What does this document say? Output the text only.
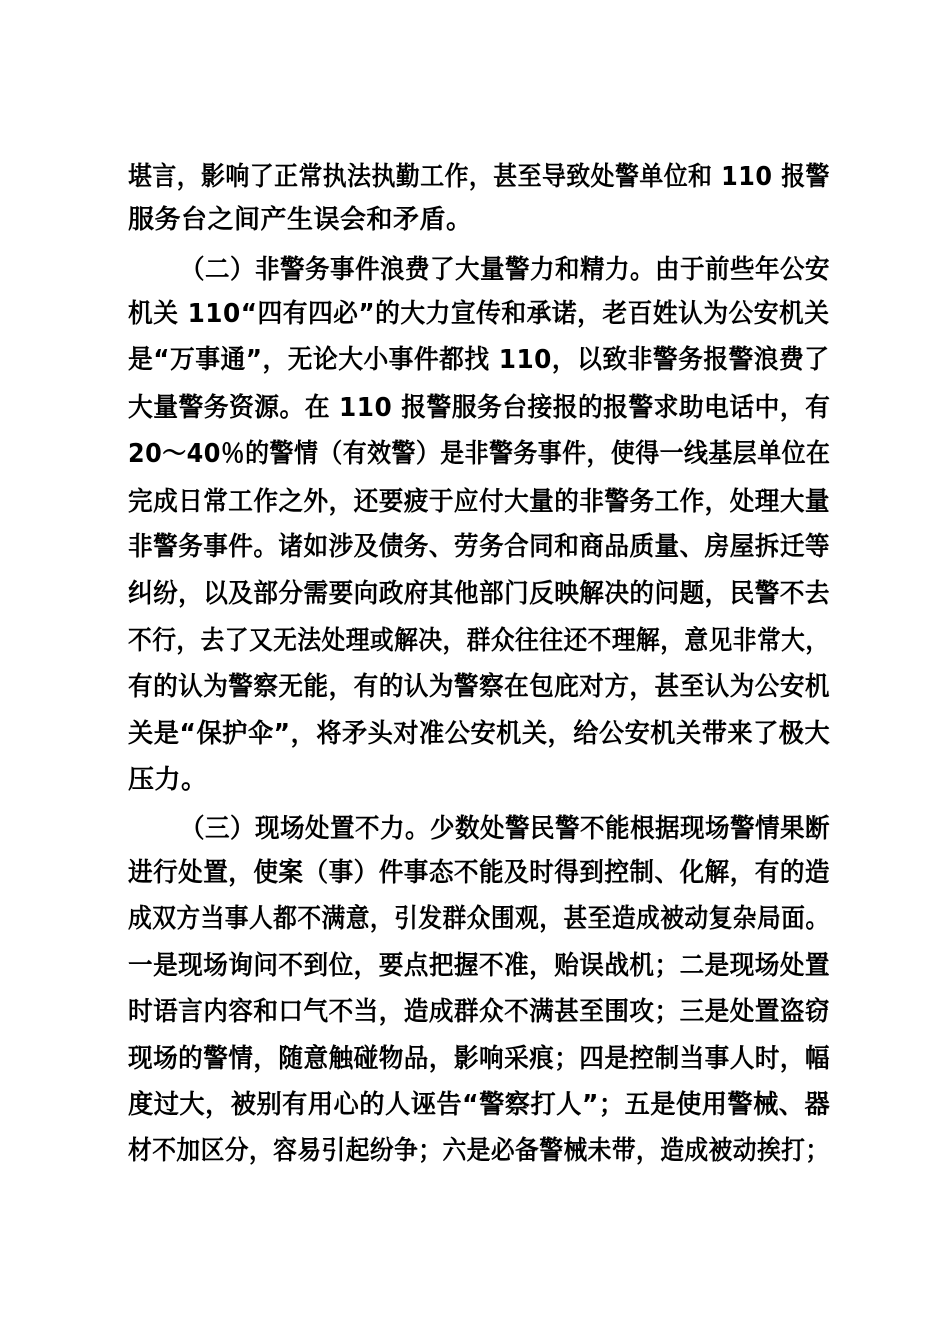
堪言，影响了正常执法执勤工作，甚至导致处警单位和 110 报警
服务台之间产生误会和矛盾。
（二）非警务事件浪费了大量警力和精力。由于前些年公安
机关 110“四有四必”的大力宣传和承诺，老百姓认为公安机关
是“万事通”，无论大小事件都找 110，以致非警务报警浪费了
大量警务资源。在 110 报警服务台接报的报警求助电话中，有
20～40％的警情（有效警）是非警务事件，使得一线基层单位在
完成日常工作之外，还要疲于应付大量的非警务工作，处理大量
非警务事件。诸如涉及债务、劳务合同和商品质量、房屋拆迁等
纠纷，以及部分需要向政府其他部门反映解决的问题，民警不去
不行，去了又无法处理或解决，群众往往还不理解，意见非常大，
有的认为警察无能，有的认为警察在包庇对方，甚至认为公安机
关是“保护伞”，将矛头对准公安机关，给公安机关带来了极大
压力。
（三）现场处置不力。少数处警民警不能根据现场警情果断
进行处置，使案（事）件事态不能及时得到控制、化解，有的造
成双方当事人都不满意，引发群众围观，甚至造成被动复杂局面。
一是现场询问不到位，要点把握不准，贻误战机；二是现场处置
时语言内容和口气不当，造成群众不满甚至围攻；三是处置盗窃
现场的警情，随意触碰物品，影响采痕；四是控制当事人时，幅
度过大，被别有用心的人诬告“警察打人”；五是使用警械、器
材不加区分，容易引起纷争；六是必备警械未带，造成被动挨打；
